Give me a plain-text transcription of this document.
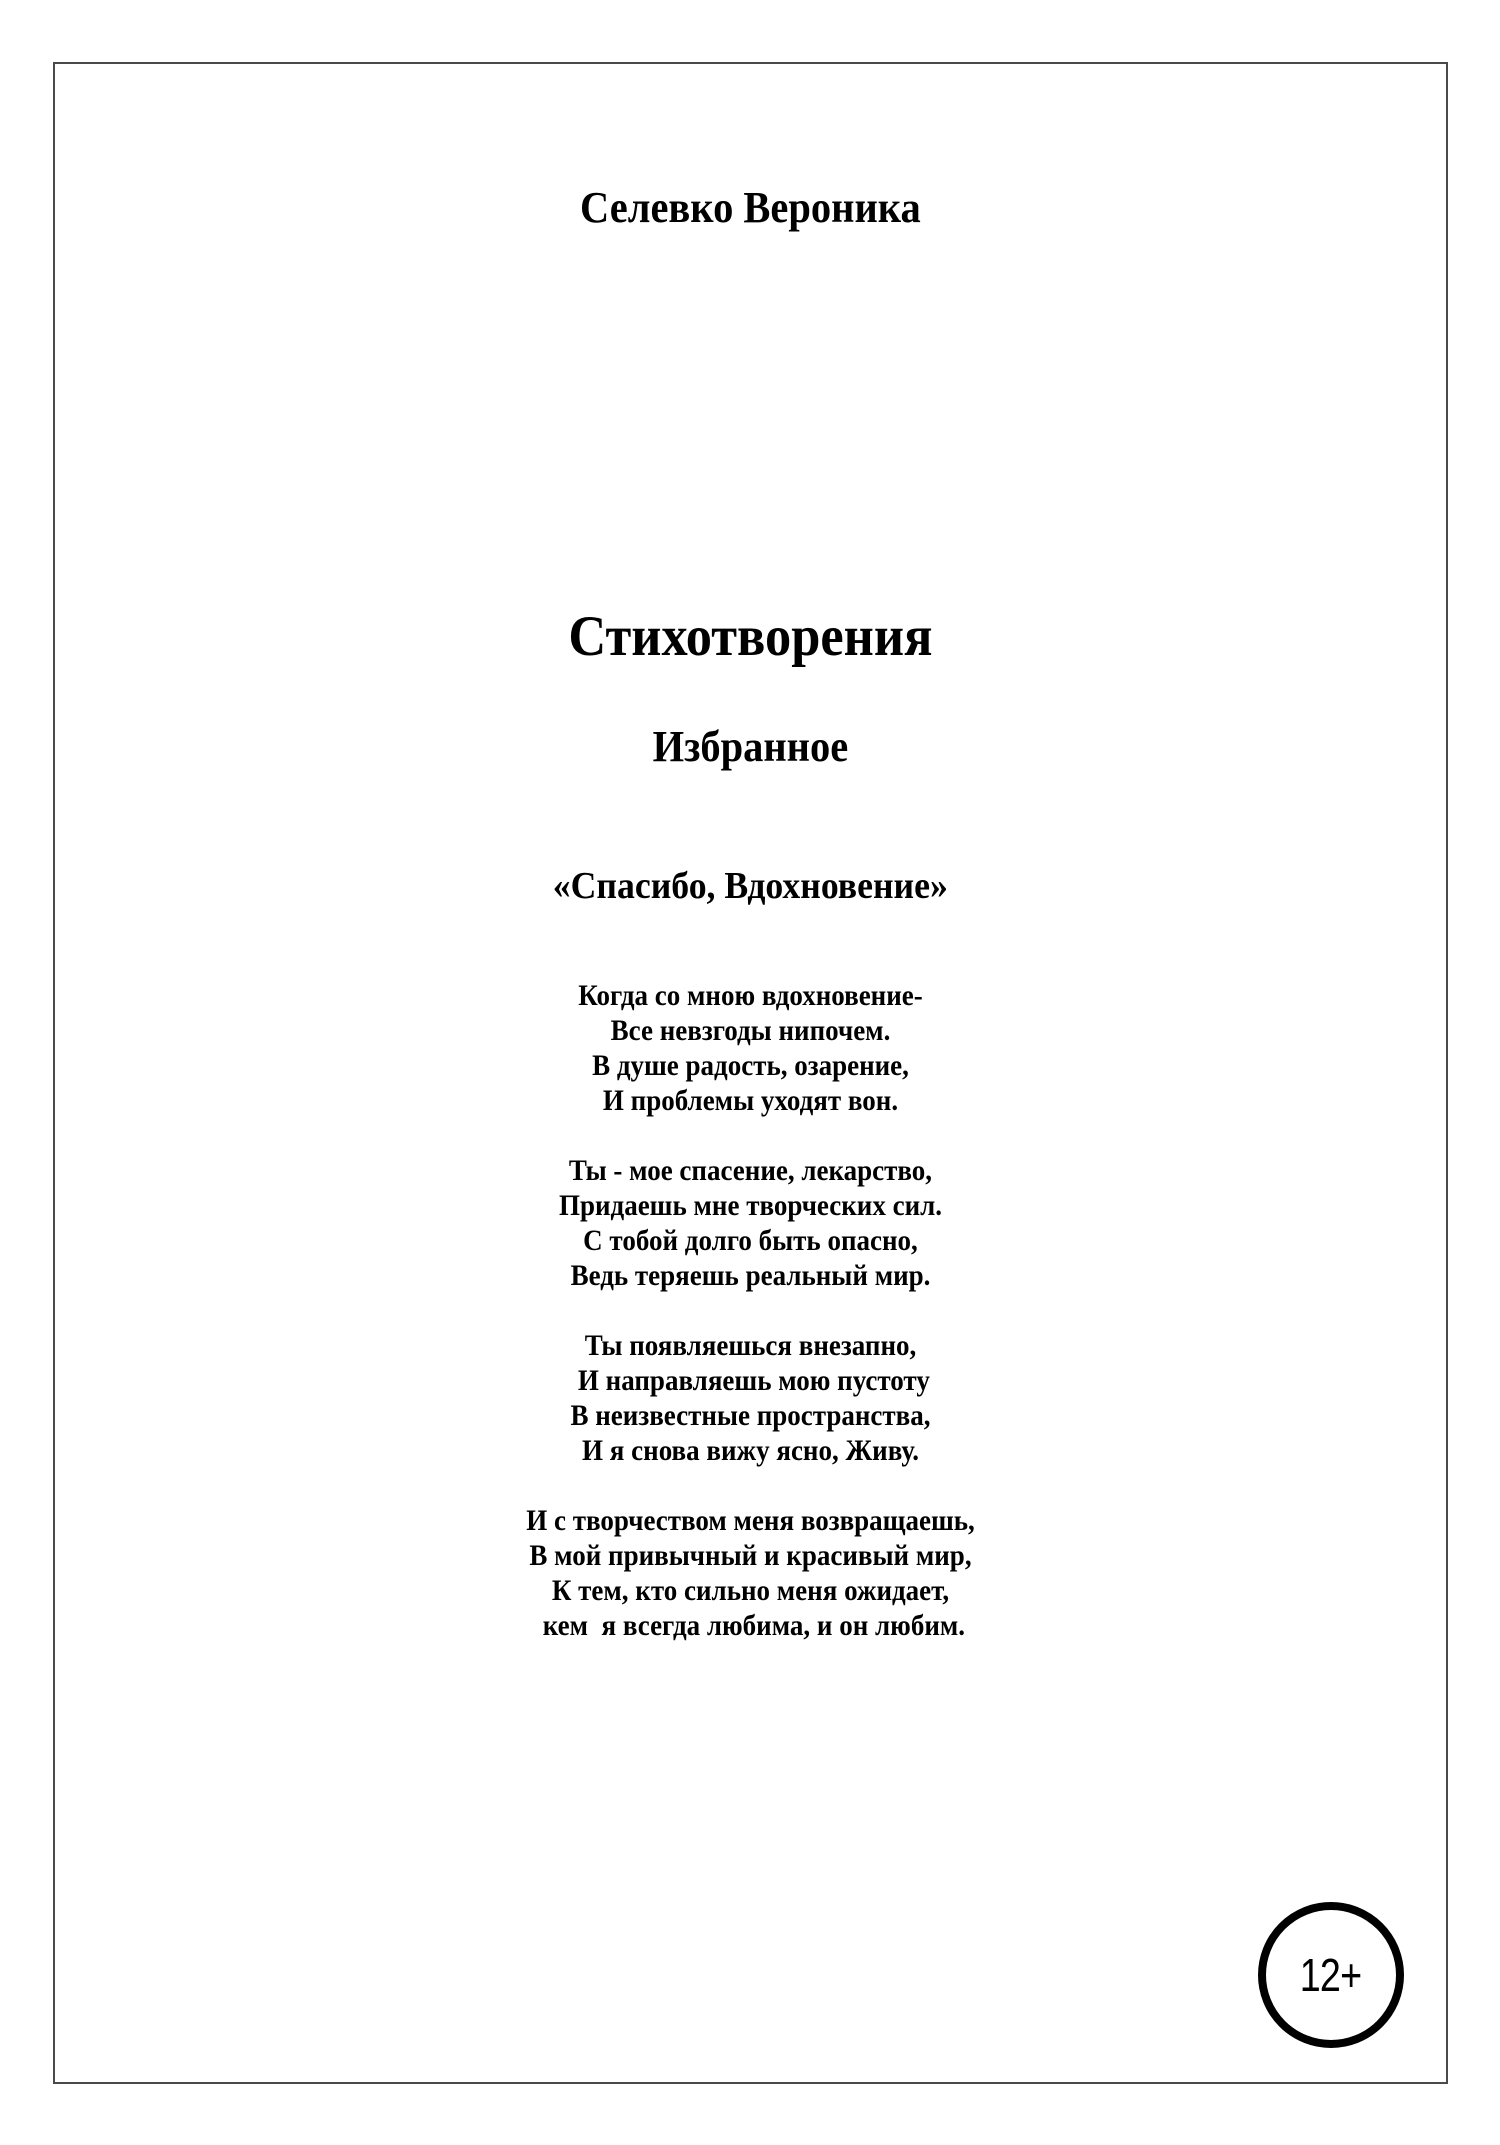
Селевко Вероника
Стихотворения
Избранное
«Спасибо, Вдохновение»
Когда со мною вдохновение-
Все невзгоды нипочем.
В душе радость, озарение,
И проблемы уходят вон.
Ты - мое спасение, лекарство,
Придаешь мне творческих сил.
С тобой долго быть опасно,
Ведь теряешь реальный мир.
Ты появляешься внезапно,
И направляешь мою пустоту
В неизвестные пространства,
И я снова вижу ясно, Живу.
И с творчеством меня возвращаешь,
В мой привычный и красивый мир,
К тем, кто сильно меня ожидает,
кем  я всегда любима, и он любим.
12+
